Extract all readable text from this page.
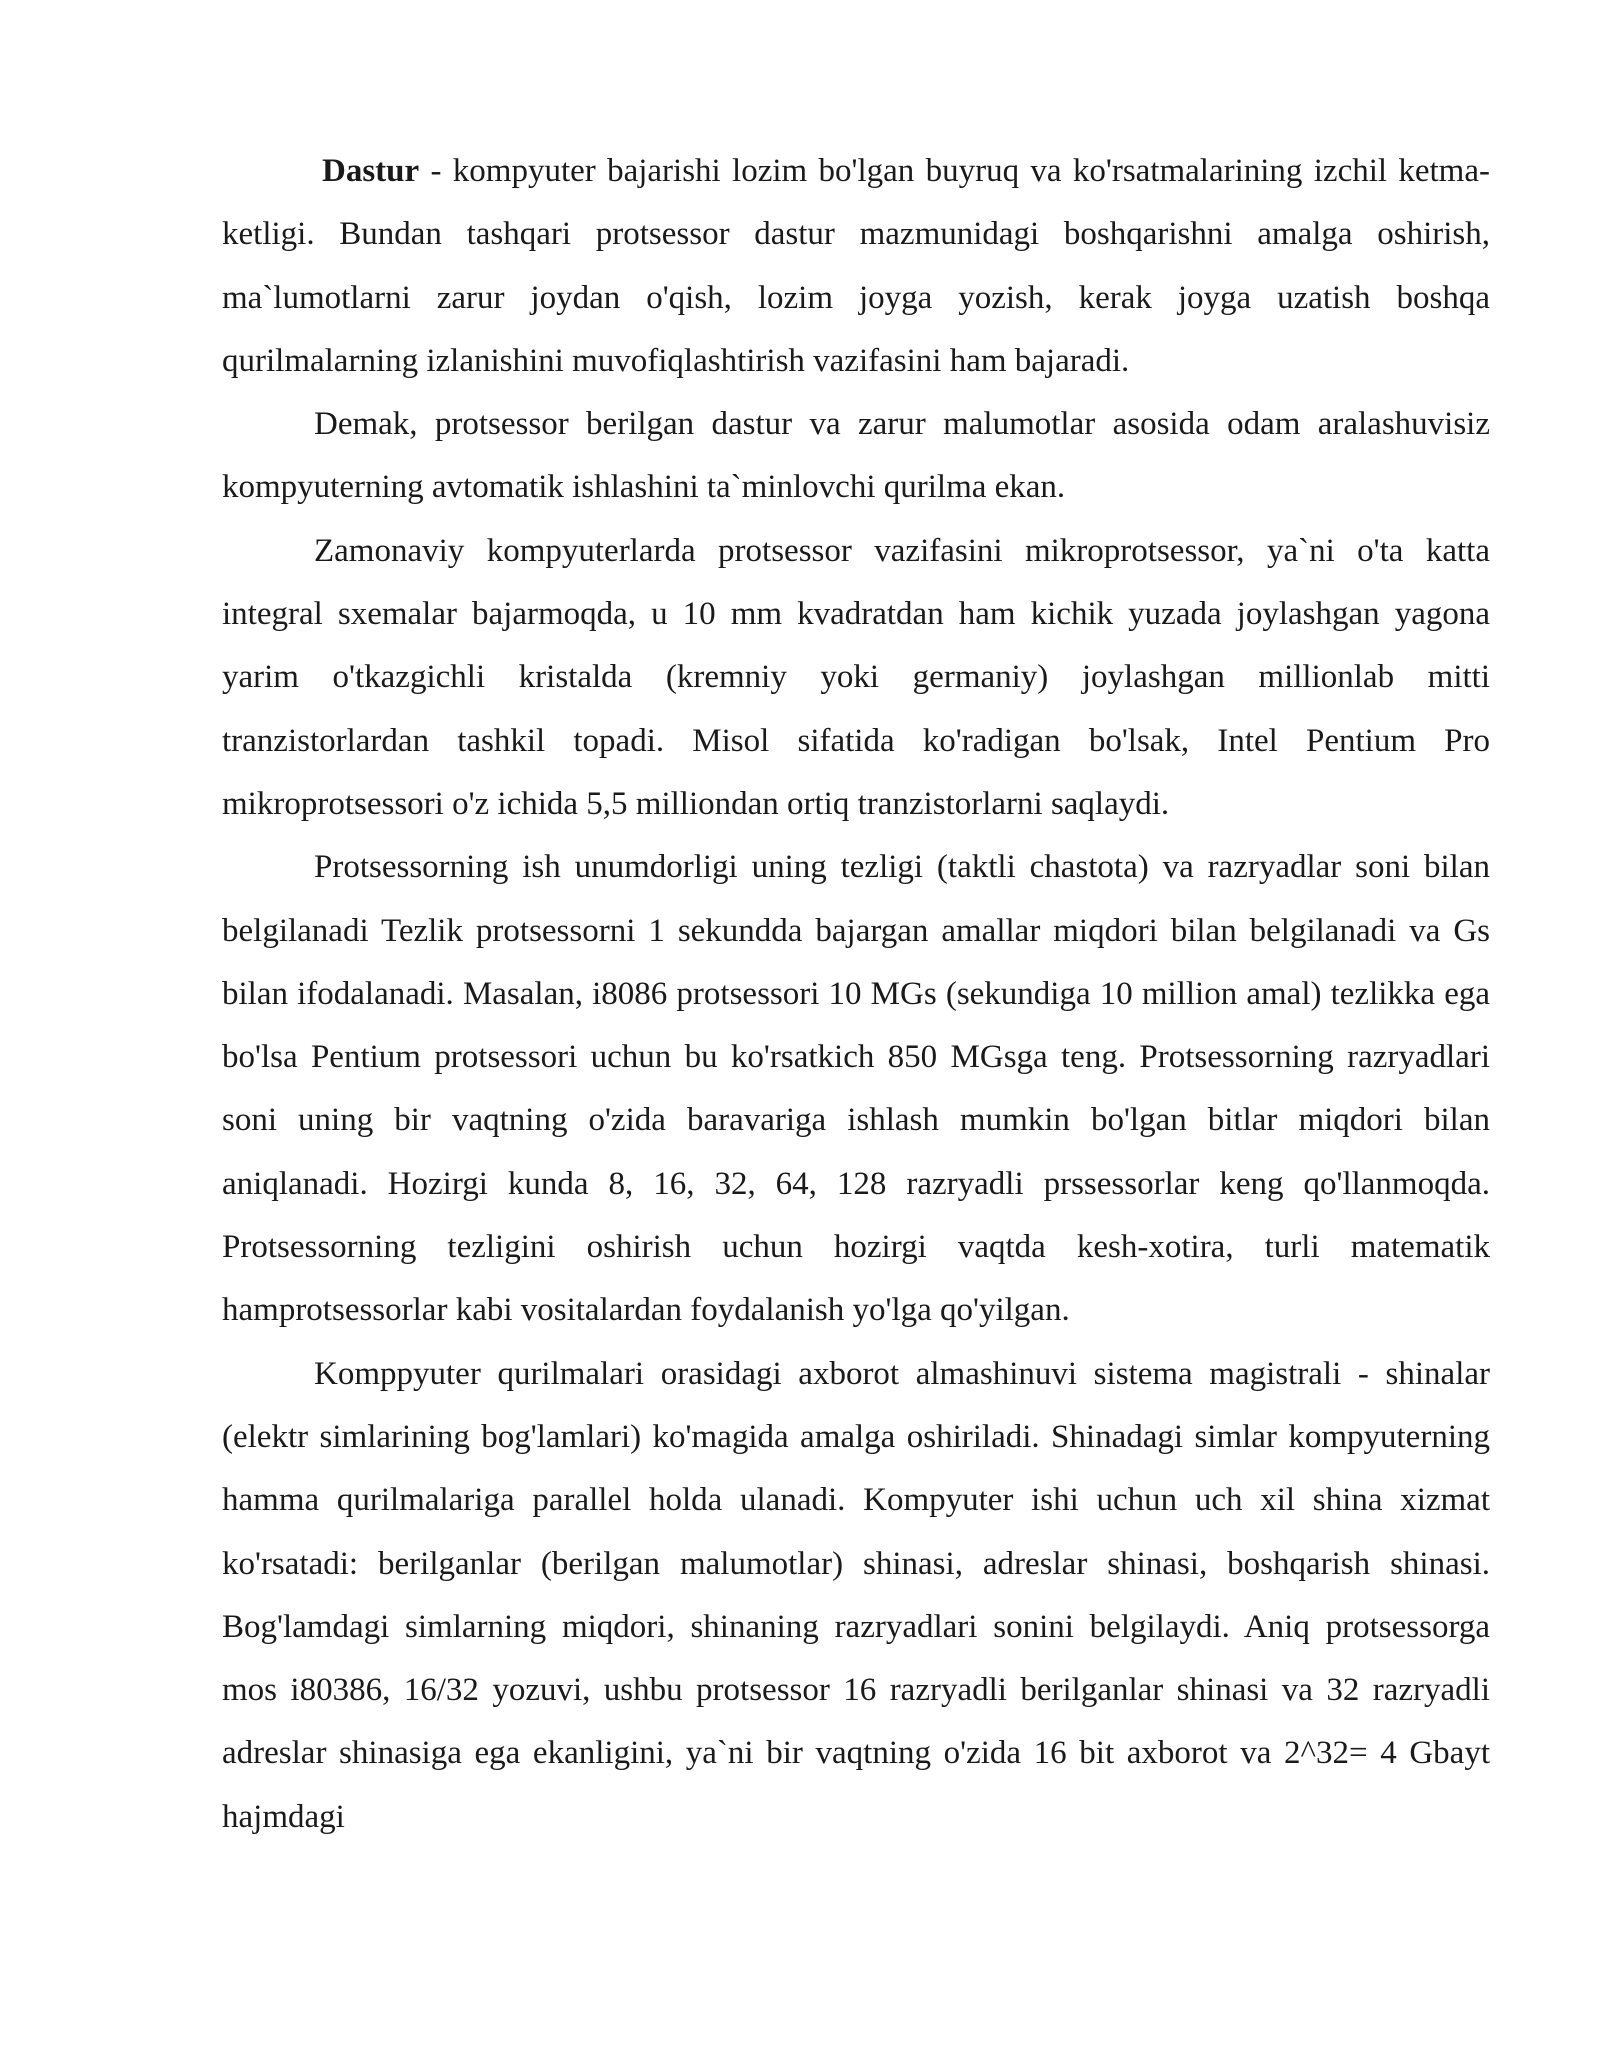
Dastur - kompyuter bajarishi lozim bo'lgan buyruq va ko'rsatmalarining izchil ketma-ketligi. Bundan tashqari protsessor dastur mazmunidagi boshqarishni amalga oshirish, ma`lumotlarni zarur joydan o'qish, lozim joyga yozish, kerak joyga uzatish boshqa qurilmalarning izlanishini muvofiqlashtirish vazifasini ham bajaradi.

Demak, protsessor berilgan dastur va zarur malumotlar asosida odam aralashuvisiz kompyuterning avtomatik ishlashini ta`minlovchi qurilma ekan.

Zamonaviy kompyuterlarda protsessor vazifasini mikroprotsessor, ya`ni o'ta katta integral sxemalar bajarmoqda, u 10 mm kvadratdan ham kichik yuzada joylashgan yagona yarim o'tkazgichli kristalda (kremniy yoki germaniy) joylashgan millionlab mitti tranzistorlardan tashkil topadi. Misol sifatida ko'radigan bo'lsak, Intel Pentium Pro mikroprotsessori o'z ichida 5,5 milliondan ortiq tranzistorlarni saqlaydi.

Protsessorning ish unumdorligi uning tezligi (taktli chastota) va razryadlar soni bilan belgilanadi Tezlik protsessorni 1 sekundda bajargan amallar miqdori bilan belgilanadi va Gs bilan ifodalanadi. Masalan, i8086 protsessori 10 MGs (sekundiga 10 million amal) tezlikka ega bo'lsa Pentium protsessori uchun bu ko'rsatkich 850 MGsga teng. Protsessorning razryadlari soni uning bir vaqtning o'zida baravariga ishlash mumkin bo'lgan bitlar miqdori bilan aniqlanadi. Hozirgi kunda 8, 16, 32, 64, 128 razryadli prssessorlar keng qo'llanmoqda. Protsessorning tezligini oshirish uchun hozirgi vaqtda kesh-xotira, turli matematik hamprotsessorlar kabi vositalardan foydalanish yo'lga qo'yilgan.

Komppyuter qurilmalari orasidagi axborot almashinuvi sistema magistrali - shinalar (elektr simlarining bog'lamlari) ko'magida amalga oshiriladi. Shinadagi simlar kompyuterning hamma qurilmalariga parallel holda ulanadi. Kompyuter ishi uchun uch xil shina xizmat ko'rsatadi: berilganlar (berilgan malumotlar) shinasi, adreslar shinasi, boshqarish shinasi. Bog'lamdagi simlarning miqdori, shinaning razryadlari sonini belgilaydi. Aniq protsessorga mos i80386, 16/32 yozuvi, ushbu protsessor 16 razryadli berilganlar shinasi va 32 razryadli adreslar shinasiga ega ekanligini, ya`ni bir vaqtning o'zida 16 bit axborot va 2^32= 4 Gbayt hajmdagi
